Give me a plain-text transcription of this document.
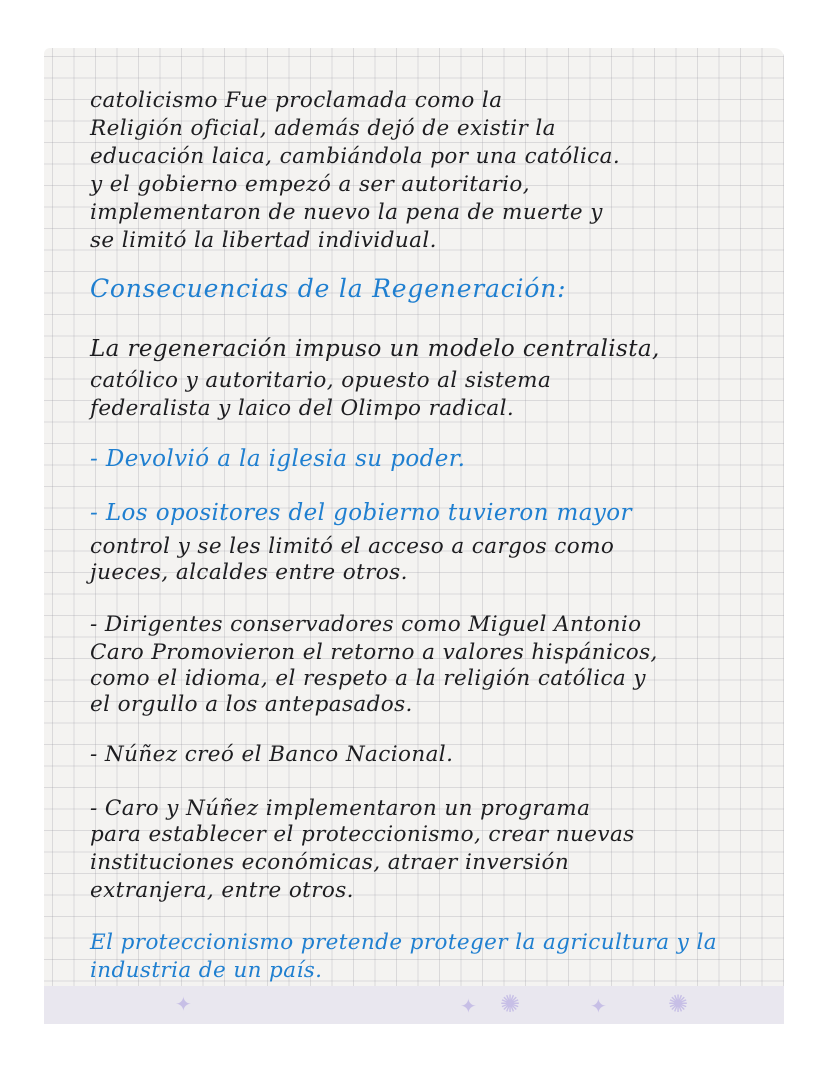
catolicismo Fue proclamada como la
Religión oficial, además dejó de existir la
educación laica, cambiándola por una católica.
y el gobierno empezó a ser autoritario,
implementaron de nuevo la pena de muerte y
se limitó la libertad individual.
Consecuencias de la Regeneración:
La regeneración impuso un modelo centralista,
católico y autoritario, opuesto al sistema
federalista y laico del Olimpo radical.
- Devolvió a la iglesia su poder.
- Los opositores del gobierno tuvieron mayor
control y se les limitó el acceso a cargos como
jueces, alcaldes entre otros.
- Dirigentes conservadores como Miguel Antonio
Caro Promovieron el retorno a valores hispánicos,
como el idioma, el respeto a la religión católica y
el orgullo a los antepasados.
- Núñez creó el Banco Nacional.
- Caro y Núñez implementaron un programa
para establecer el proteccionismo, crear nuevas
instituciones económicas, atraer inversión
extranjera, entre otros.
El proteccionismo pretende proteger la agricultura y la
industria de un país.
✦	✦ ✺	✦	✺
